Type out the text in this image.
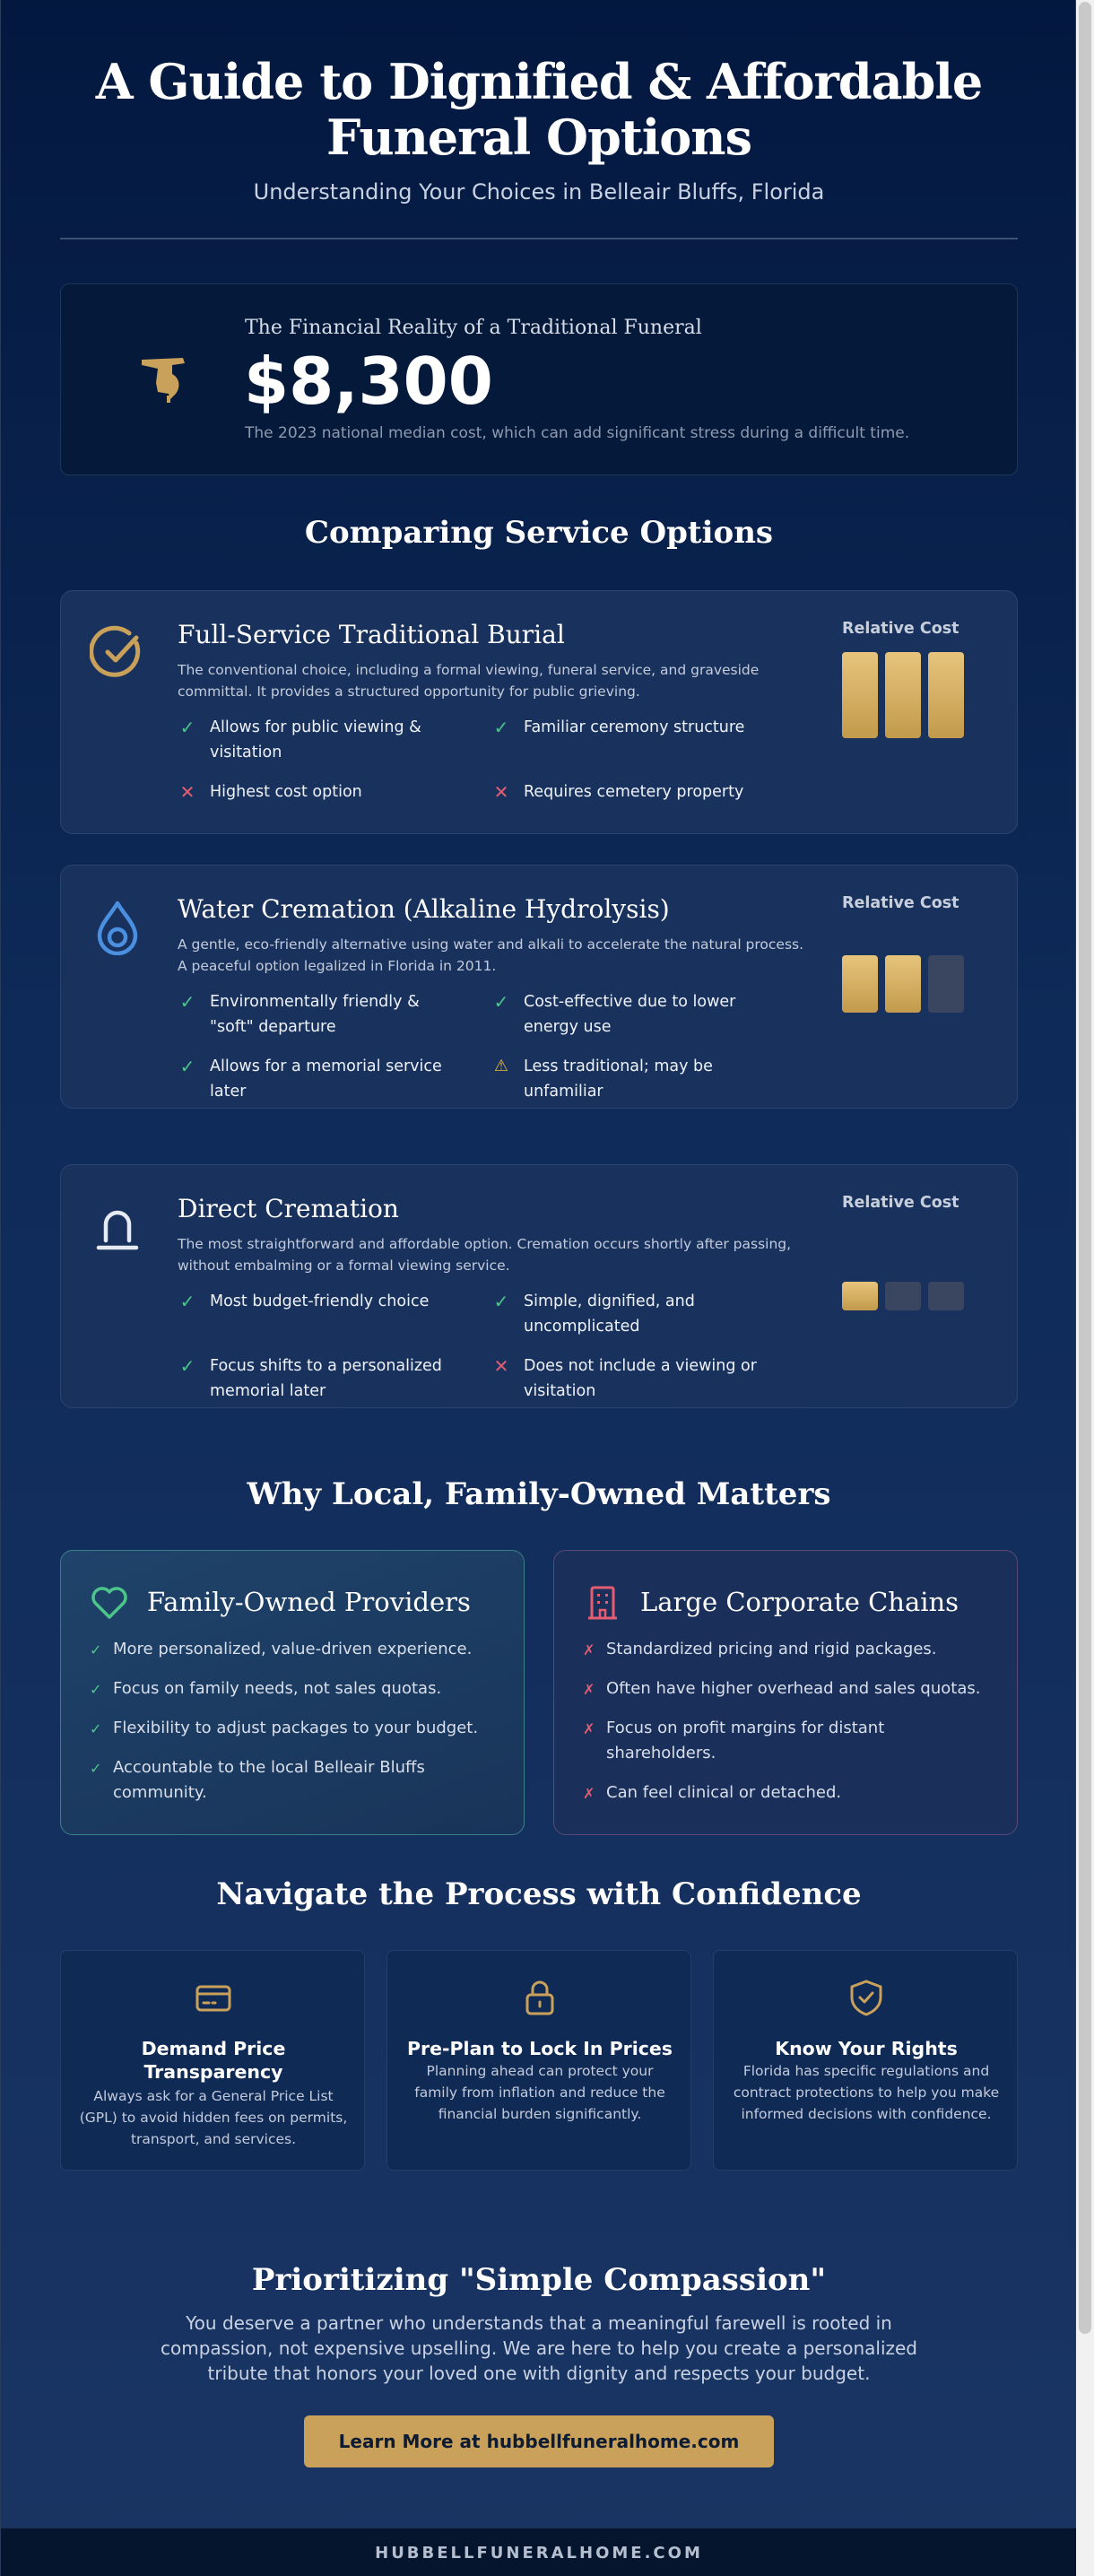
A Guide to Dignified & Affordable Funeral Options
Understanding Your Choices in Belleair Bluffs, Florida
The Financial Reality of a Traditional Funeral
$8,300
The 2023 national median cost, which can add significant stress during a difficult time.
Comparing Service Options
Full-Service Traditional Burial
The conventional choice, including a formal viewing, funeral service, and graveside committal. It provides a structured opportunity for public grieving.
✓ Allows for public viewing & visitation
✓ Familiar ceremony structure
✕ Highest cost option	✕ Requires cemetery property
Relative Cost
Water Cremation (Alkaline Hydrolysis)
A gentle, eco-friendly alternative using water and alkali to accelerate the natural process. A peaceful option legalized in Florida in 2011.
✓ Environmentally friendly & "soft" departure
✓ Cost-effective due to lower energy use
✓ Allows for a memorial service later
⚠ Less traditional; may be unfamiliar
Relative Cost
Direct Cremation
The most straightforward and affordable option. Cremation occurs shortly after passing, without embalming or a formal viewing service.
✓ Most budget-friendly choice	✓ Simple, dignified, and uncomplicated
✓ Focus shifts to a personalized memorial later
✕ Does not include a viewing or visitation
Relative Cost
Why Local, Family-Owned Matters
Family-Owned Providers
✓ More personalized, value-driven experience.
✓ Focus on family needs, not sales quotas.
✓ Flexibility to adjust packages to your budget.
✓ Accountable to the local Belleair Bluffs community.
Large Corporate Chains
✗ Standardized pricing and rigid packages.
✗ Often have higher overhead and sales quotas.
✗ Focus on profit margins for distant shareholders.
✗ Can feel clinical or detached.
Navigate the Process with Confidence
Demand Price Transparency
Always ask for a General Price List (GPL) to avoid hidden fees on permits, transport, and services.
Pre-Plan to Lock In Prices
Planning ahead can protect your family from inflation and reduce the financial burden significantly.
Know Your Rights
Florida has specific regulations and contract protections to help you make informed decisions with confidence.
Prioritizing "Simple Compassion"

You deserve a partner who understands that a meaningful farewell is rooted in compassion, not expensive upselling. We are here to help you create a personalized tribute that honors your loved one with dignity and respects your budget.

Learn More at hubbellfuneralhome.com
HUBBELLFUNERALHOME.COM
